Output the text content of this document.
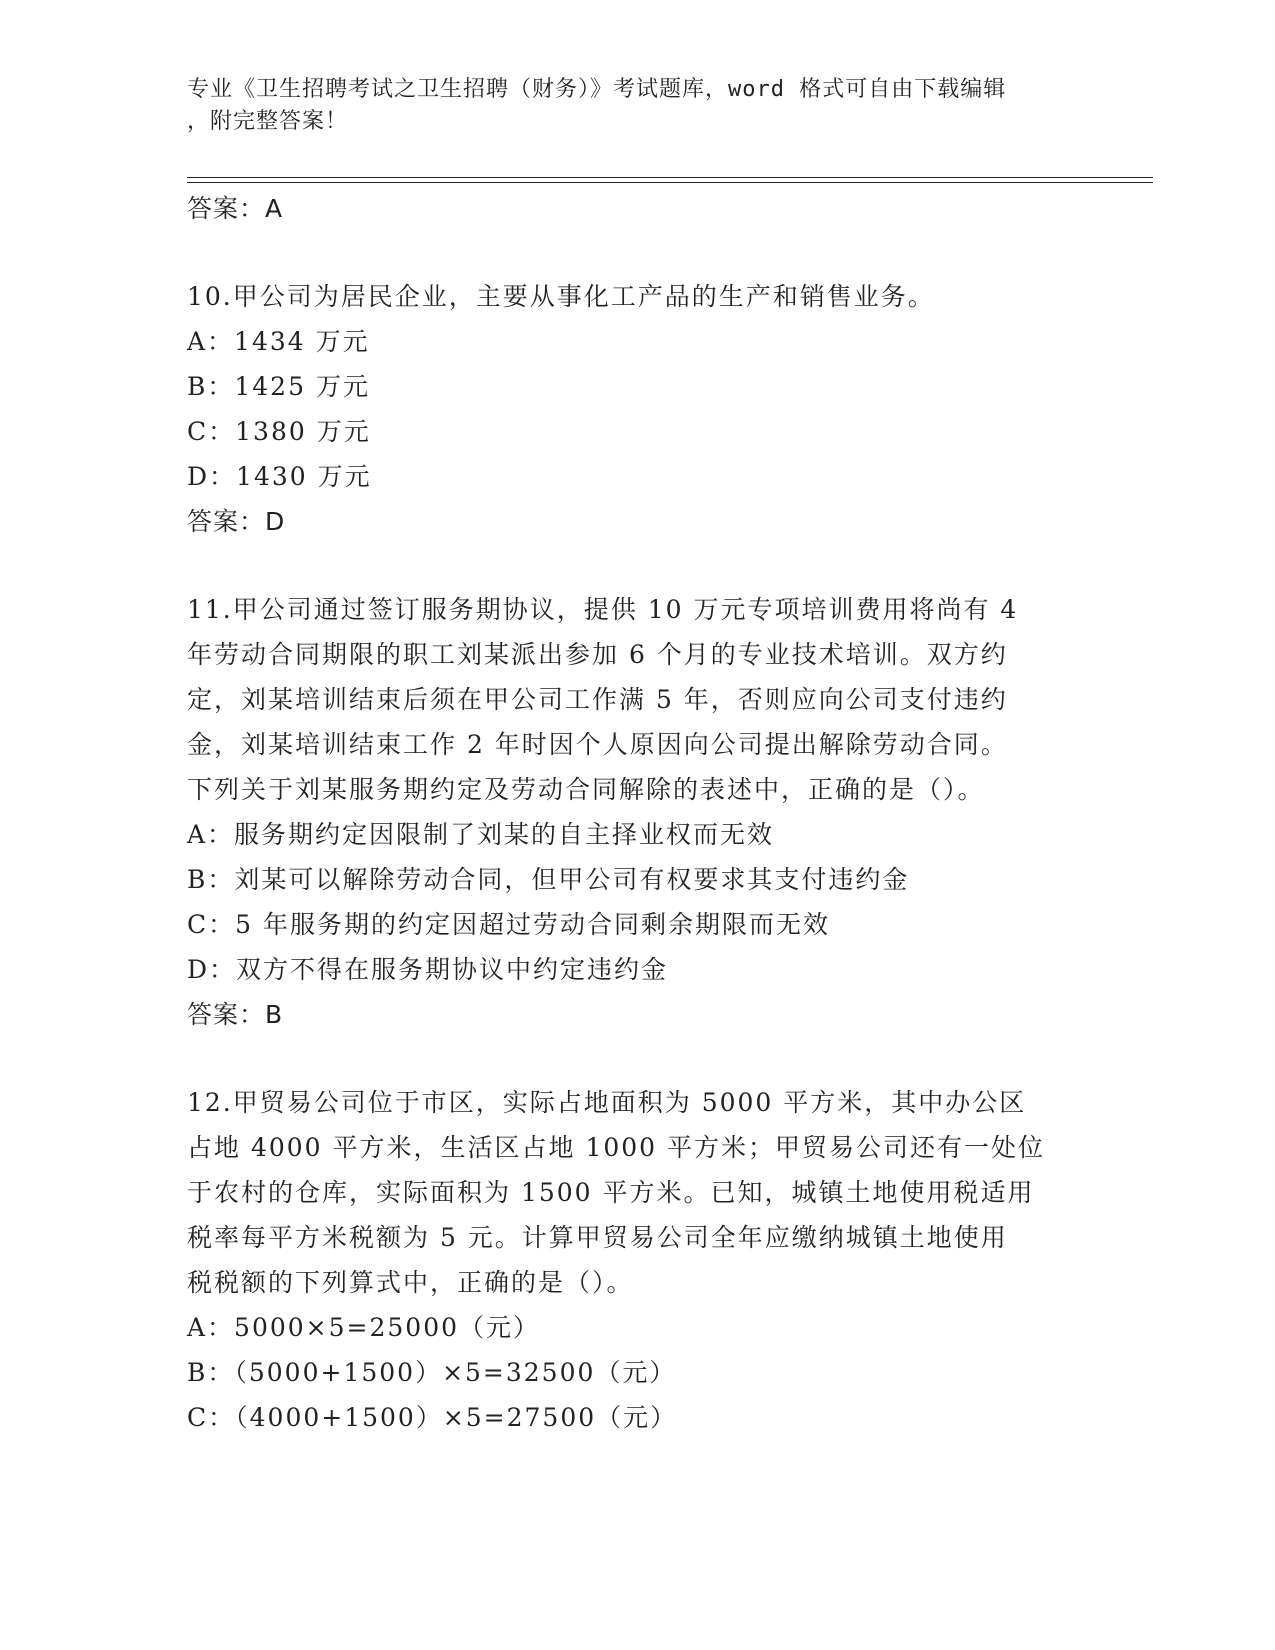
专业《卫生招聘考试之卫生招聘（财务）》考试题库，word 格式可自由下载编辑
，附完整答案！
答案：A
10.甲公司为居民企业，主要从事化工产品的生产和销售业务。
A：1434 万元
B：1425 万元
C：1380 万元
D：1430 万元
答案：D
11.甲公司通过签订服务期协议，提供 10 万元专项培训费用将尚有 4
年劳动合同期限的职工刘某派出参加 6 个月的专业技术培训。双方约
定，刘某培训结束后须在甲公司工作满 5 年，否则应向公司支付违约
金，刘某培训结束工作 2 年时因个人原因向公司提出解除劳动合同。
下列关于刘某服务期约定及劳动合同解除的表述中，正确的是（）。
A：服务期约定因限制了刘某的自主择业权而无效
B：刘某可以解除劳动合同，但甲公司有权要求其支付违约金
C：5 年服务期的约定因超过劳动合同剩余期限而无效
D：双方不得在服务期协议中约定违约金
答案：B
12.甲贸易公司位于市区，实际占地面积为 5000 平方米，其中办公区
占地 4000 平方米，生活区占地 1000 平方米；甲贸易公司还有一处位
于农村的仓库，实际面积为 1500 平方米。已知，城镇土地使用税适用
税率每平方米税额为 5 元。计算甲贸易公司全年应缴纳城镇土地使用
税税额的下列算式中，正确的是（）。
A：5000×5=25000（元）
B：（5000+1500）×5=32500（元）
C：（4000+1500）×5=27500（元）
